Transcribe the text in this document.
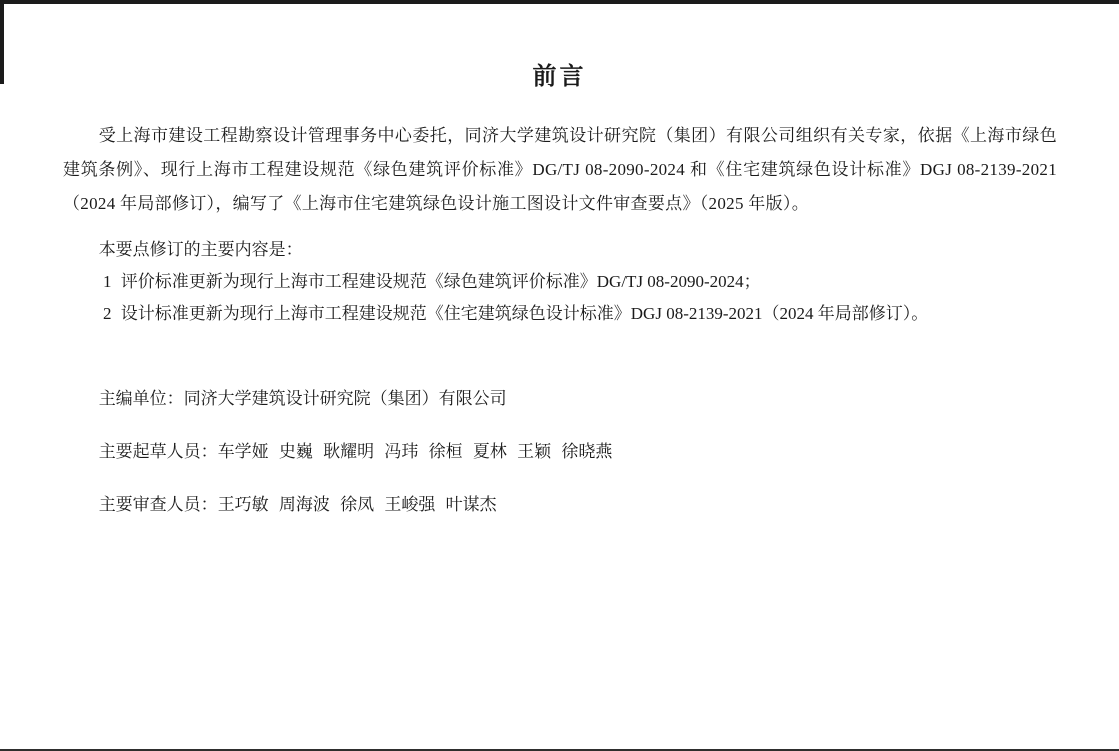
前言

受上海市建设工程勘察设计管理事务中心委托，同济大学建筑设计研究院（集团）有限公司组织有关专家，依据《上海市绿色建筑条例》、现行上海市工程建设规范《绿色建筑评价标准》DG/TJ 08-2090-2024 和《住宅建筑绿色设计标准》DGJ 08-2139-2021（2024 年局部修订），编写了《上海市住宅建筑绿色设计施工图设计文件审查要点》（2025 年版）。

本要点修订的主要内容是：

1 评价标准更新为现行上海市工程建设规范《绿色建筑评价标准》DG/TJ 08-2090-2024；
2 设计标准更新为现行上海市工程建设规范《住宅建筑绿色设计标准》DGJ 08-2139-2021（2024 年局部修订）。
主编单位：同济大学建筑设计研究院（集团）有限公司
主要起草人员：车学娅 史巍 耿耀明 冯玮 徐桓 夏林 王颖 徐晓燕
主要审查人员：王巧敏 周海波 徐凤 王峻强 叶谋杰
